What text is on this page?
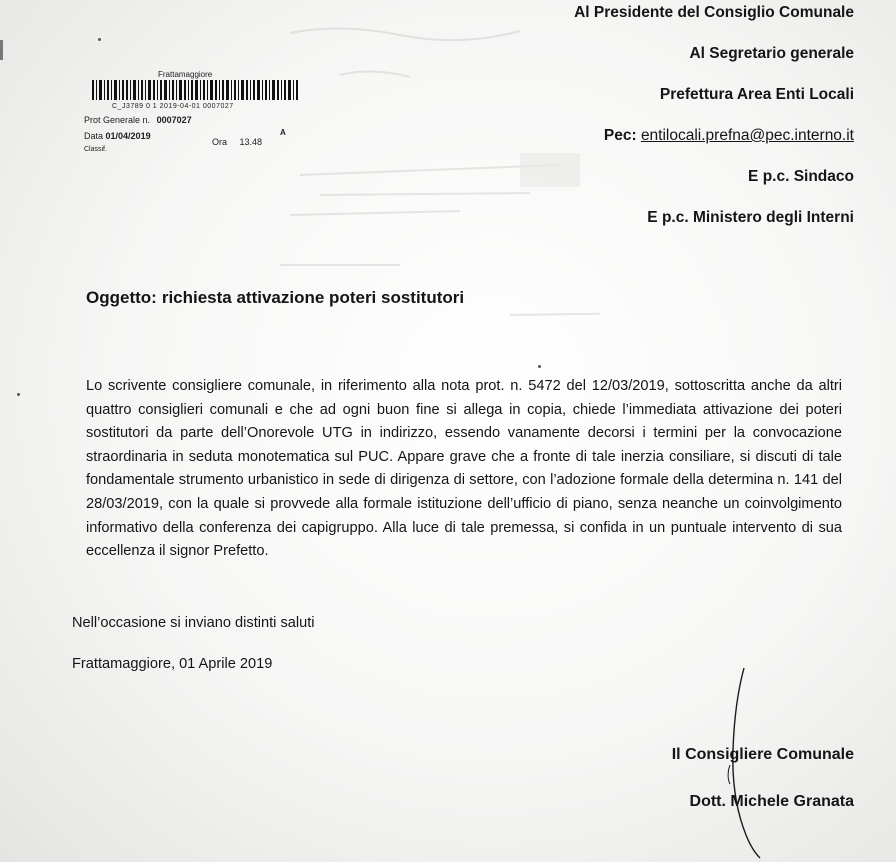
Frattamaggiore
C_J3789 0 1 2019-04-01 0007027
Prot Generale n. 0007027
A
Data 01/04/2019
Ora 13.48
Classif.
Al Presidente del Consiglio Comunale
Al Segretario generale
Prefettura Area Enti Locali
Pec: entilocali.prefna@pec.interno.it
E p.c. Sindaco
E p.c. Ministero degli Interni
Oggetto: richiesta attivazione poteri sostitutori
Lo scrivente consigliere comunale, in riferimento alla nota prot. n. 5472 del 12/03/2019, sottoscritta anche da altri quattro consiglieri comunali e che ad ogni buon fine si allega in copia, chiede l’immediata attivazione dei poteri sostitutori da parte dell’Onorevole UTG in indirizzo, essendo vanamente decorsi i termini per la convocazione straordinaria in seduta monotematica sul PUC. Appare grave che a fronte di tale inerzia consiliare, si discuti di tale fondamentale strumento urbanistico in sede di dirigenza di settore, con l’adozione formale della determina n. 141 del 28/03/2019, con la quale si provvede alla formale istituzione dell’ufficio di piano, senza neanche un coinvolgimento informativo della conferenza dei capigruppo. Alla luce di tale premessa, si confida in un puntuale intervento di sua eccellenza il signor Prefetto.
Nell’occasione si inviano distinti saluti
Frattamaggiore, 01 Aprile 2019
Il Consigliere Comunale
Dott. Michele Granata
